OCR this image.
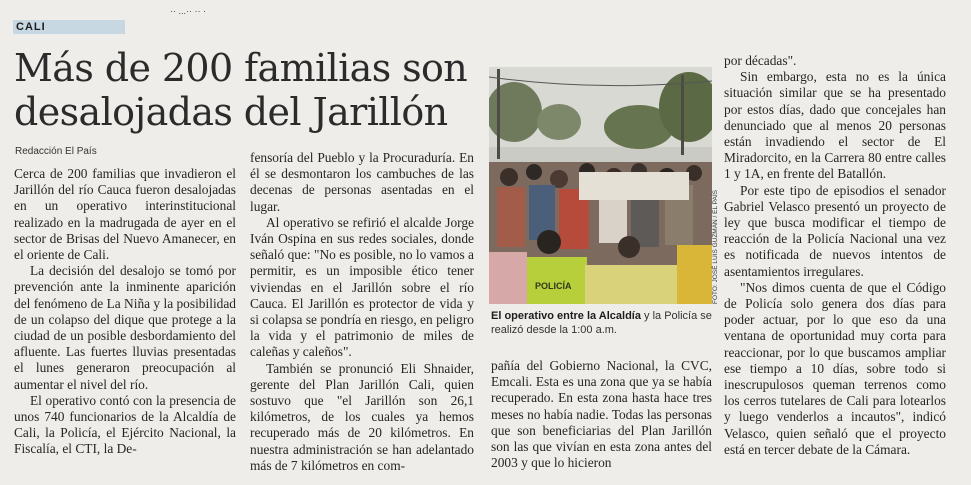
CALI
·· ...·· ·· ·
Más de 200 familias son desalojadas del Jarillón
Redacción El País

Cerca de 200 familias que invadieron el Jarillón del río Cauca fueron desalojadas en un operativo interinstitucional realizado en la madrugada de ayer en el sector de Brisas del Nuevo Amanecer, en el oriente de Cali.

La decisión del desalojo se tomó por prevención ante la inminente aparición del fenómeno de La Niña y la posibilidad de un colapso del dique que protege a la ciudad de un posible desbordamiento del afluente. Las fuertes lluvias presentadas el lunes generaron preocupación al aumentar el nivel del río.

El operativo contó con la presencia de unos 740 funcionarios de la Alcaldía de Cali, la Policía, el Ejército Nacional, la Fiscalía, el CTI, la De-

fensoría del Pueblo y la Procuraduría. En él se desmontaron los cambuches de las decenas de personas asentadas en el lugar.

Al operativo se refirió el alcalde Jorge Iván Ospina en sus redes sociales, donde señaló que: "No es posible, no lo vamos a permitir, es un imposible ético tener viviendas en el Jarillón sobre el río Cauca. El Jarillón es protector de vida y si colapsa se pondría en riesgo, en peligro la vida y el patrimonio de miles de caleñas y caleños".

También se pronunció Eli Shnaider, gerente del Plan Jarillón Cali, quien sostuvo que "el Jarillón son 26,1 kilómetros, de los cuales ya hemos recuperado más de 20 kilómetros. En nuestra administración se han adelantado más de 7 kilómetros en com-

POLICÍA	FOTO: JOSÉ LUIS GUZMÁN / EL PAÍS
El operativo entre la Alcaldía y la Policía se realizó desde la 1:00 a.m.

pañía del Gobierno Nacional, la CVC, Emcali. Esta es una zona que ya se había recuperado. En esta zona hasta hace tres meses no había nadie. Todas las personas que son beneficiarias del Plan Jarillón son las que vivían en esta zona antes del 2003 y que lo hicieron

por décadas".

Sin embargo, esta no es la única situación similar que se ha presentado por estos días, dado que concejales han denunciado que al menos 20 personas están invadiendo el sector de El Miradorcito, en la Carrera 80 entre calles 1 y 1A, en frente del Batallón.

Por este tipo de episodios el senador Gabriel Velasco presentó un proyecto de ley que busca modificar el tiempo de reacción de la Policía Nacional una vez es notificada de nuevos intentos de asentamientos irregulares.

"Nos dimos cuenta de que el Código de Policía solo genera dos días para poder actuar, por lo que eso da una ventana de oportunidad muy corta para reaccionar, por lo que buscamos ampliar ese tiempo a 10 días, sobre todo si inescrupulosos queman terrenos como los cerros tutelares de Cali para lotearlos y luego venderlos a incautos", indicó Velasco, quien señaló que el proyecto está en tercer debate de la Cámara.
